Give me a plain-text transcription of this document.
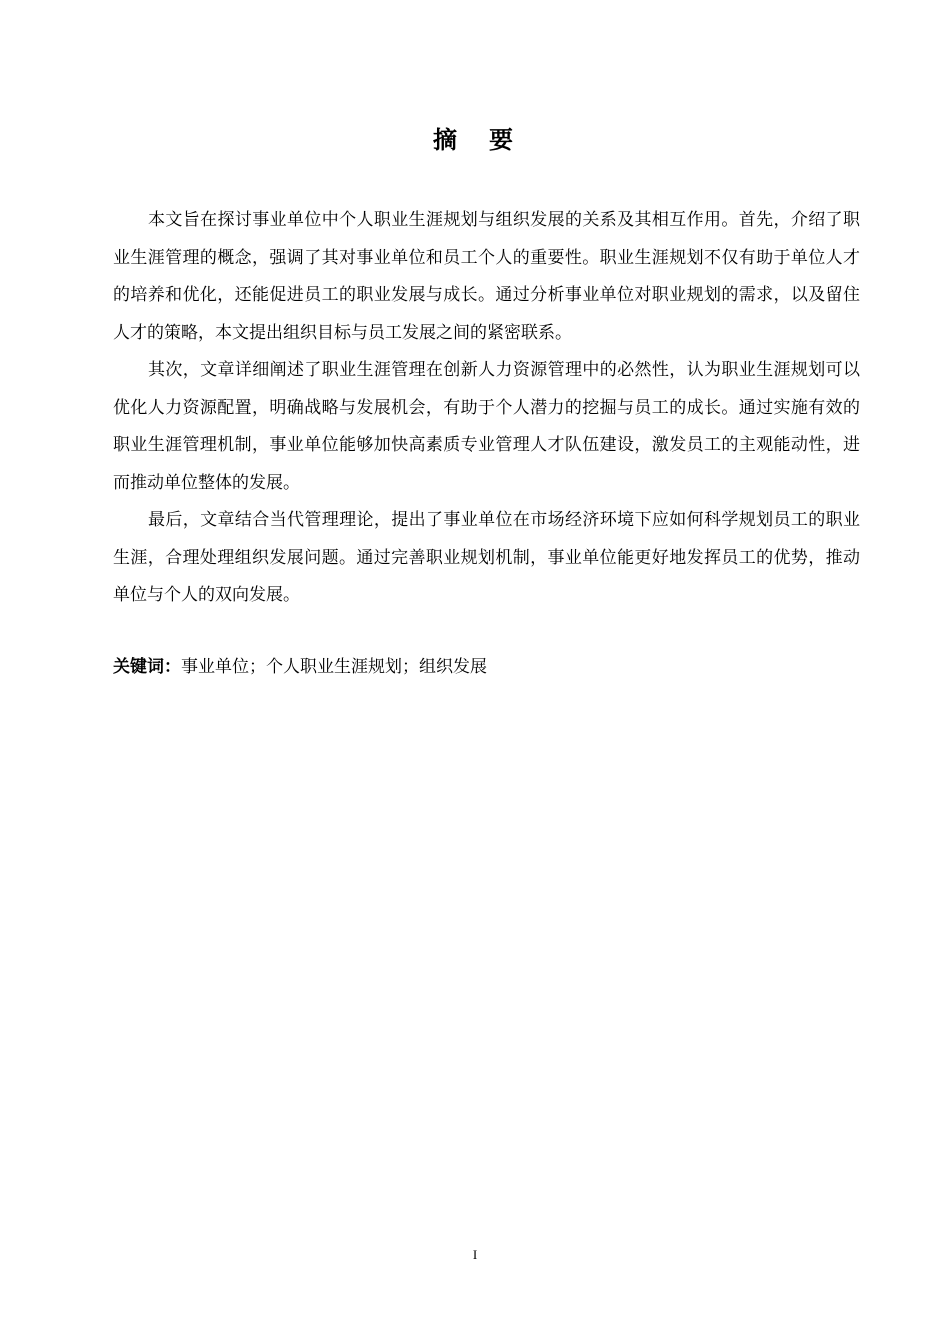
摘　要

本文旨在探讨事业单位中个人职业生涯规划与组织发展的关系及其相互作用。首先，介绍了职业生涯管理的概念，强调了其对事业单位和员工个人的重要性。职业生涯规划不仅有助于单位人才的培养和优化，还能促进员工的职业发展与成长。通过分析事业单位对职业规划的需求，以及留住人才的策略，本文提出组织目标与员工发展之间的紧密联系。

其次，文章详细阐述了职业生涯管理在创新人力资源管理中的必然性，认为职业生涯规划可以优化人力资源配置，明确战略与发展机会，有助于个人潜力的挖掘与员工的成长。通过实施有效的职业生涯管理机制，事业单位能够加快高素质专业管理人才队伍建设，激发员工的主观能动性，进而推动单位整体的发展。

最后，文章结合当代管理理论，提出了事业单位在市场经济环境下应如何科学规划员工的职业生涯，合理处理组织发展问题。通过完善职业规划机制，事业单位能更好地发挥员工的优势，推动单位与个人的双向发展。

关键词：事业单位；个人职业生涯规划；组织发展

I
